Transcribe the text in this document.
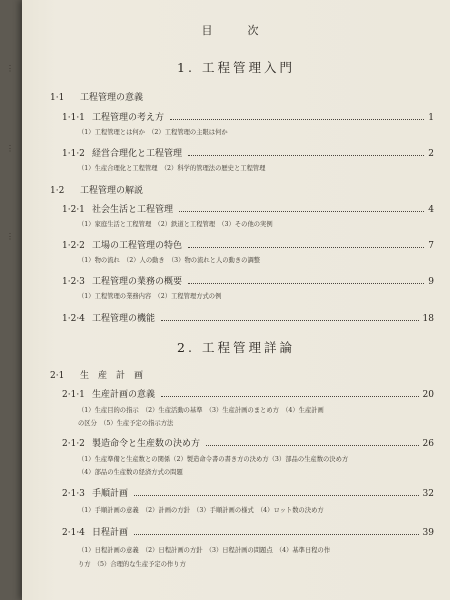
⋮
⋮
⋮
目　次
1. 工程管理入門
1·1	工程管理の意義
1·1·1 工程管理の考え方	1
（1）工程管理とは何か　（2）工程管理の主眼は何か
1·1·2 経営合理化と工程管理	2
（1）生産合理化と工程管理　（2）科学的管理法の歴史と工程管理
1·2	工程管理の解説
1·2·1 社会生活と工程管理	4
（1）家庭生活と工程管理　（2）鉄道と工程管理　（3）その他の実例
1·2·2 工場の工程管理の特色	7
（1）物の流れ　（2）人の動き　（3）物の流れと人の動きの調整
1·2·3 工程管理の業務の概要	9
（1）工程管理の業務内容　（2）工程管理方式の例
1·2·4 工程管理の機能	18
2. 工程管理詳論
2·1	生　産　計　画
2·1·1 生産計画の意義	20
（1）生産目的の指示　（2）生産活動の基準　（3）生産計画のまとめ方　（4）生産計画
の区分　（5）生産予定の指示方法
2·1·2 製造命令と生産数の決め方	26
（1）生産準備と生産数との関係（2）製造命令書の書き方の決め方（3）部品の生産数の決め方
（4）部品の生産数の経済方式の問題
2·1·3 手順計画	32
（1）手順計画の意義　（2）計画の方針　（3）手順計画の様式　（4）ロット数の決め方
2·1·4 日程計画	39
（1）日程計画の意義　（2）日程計画の方針　（3）日程計画の問題点　（4）基準日程の作
り方　（5）合理的な生産予定の作り方
